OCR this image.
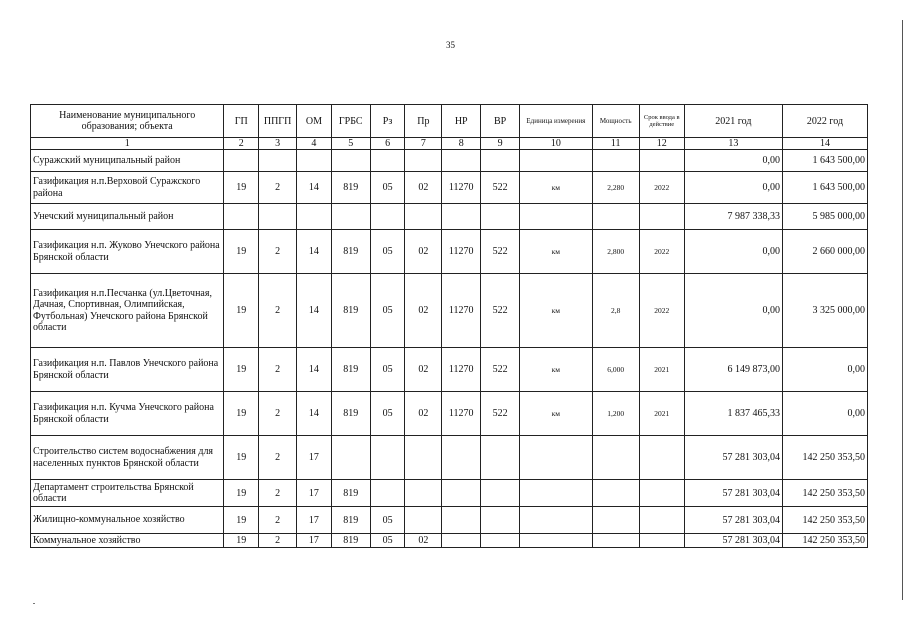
35
Наименование муниципального образования; объекта	ГП	ППГП	ОМ	ГРБС	Рз	Пр	НР	ВР	Единица измерения	Мощность	Срок ввода в действие	2021 год	2022 год
1	2	3	4	5	6	7	8	9	10	11	12	13	14
Суражский муниципальный район												0,00	1 643 500,00
Газификация н.п.Верховой Суражского района	19	2	14	819	05	02	11270	522	км	2,280	2022	0,00	1 643 500,00
Унечский муниципальный район												7 987 338,33	5 985 000,00
Газификация н.п. Жуково Унечского района Брянской области	19	2	14	819	05	02	11270	522	км	2,800	2022	0,00	2 660 000,00
Газификация н.п.Песчанка (ул.Цветочная, Дачная, Спортивная, Олимпийская, Футбольная) Унечского района Брянской области	19	2	14	819	05	02	11270	522	км	2,8	2022	0,00	3 325 000,00
Газификация н.п. Павлов Унечского района Брянской области	19	2	14	819	05	02	11270	522	км	6,000	2021	6 149 873,00	0,00
Газификация н.п. Кучма Унечского района Брянской области	19	2	14	819	05	02	11270	522	км	1,200	2021	1 837 465,33	0,00
Строительство систем водоснабжения для населенных пунктов Брянской области	19	2	17									57 281 303,04	142 250 353,50
Департамент строительства Брянской области	19	2	17	819								57 281 303,04	142 250 353,50
Жилищно-коммунальное хозяйство	19	2	17	819	05							57 281 303,04	142 250 353,50
Коммунальное хозяйство	19	2	17	819	05	02						57 281 303,04	142 250 353,50
